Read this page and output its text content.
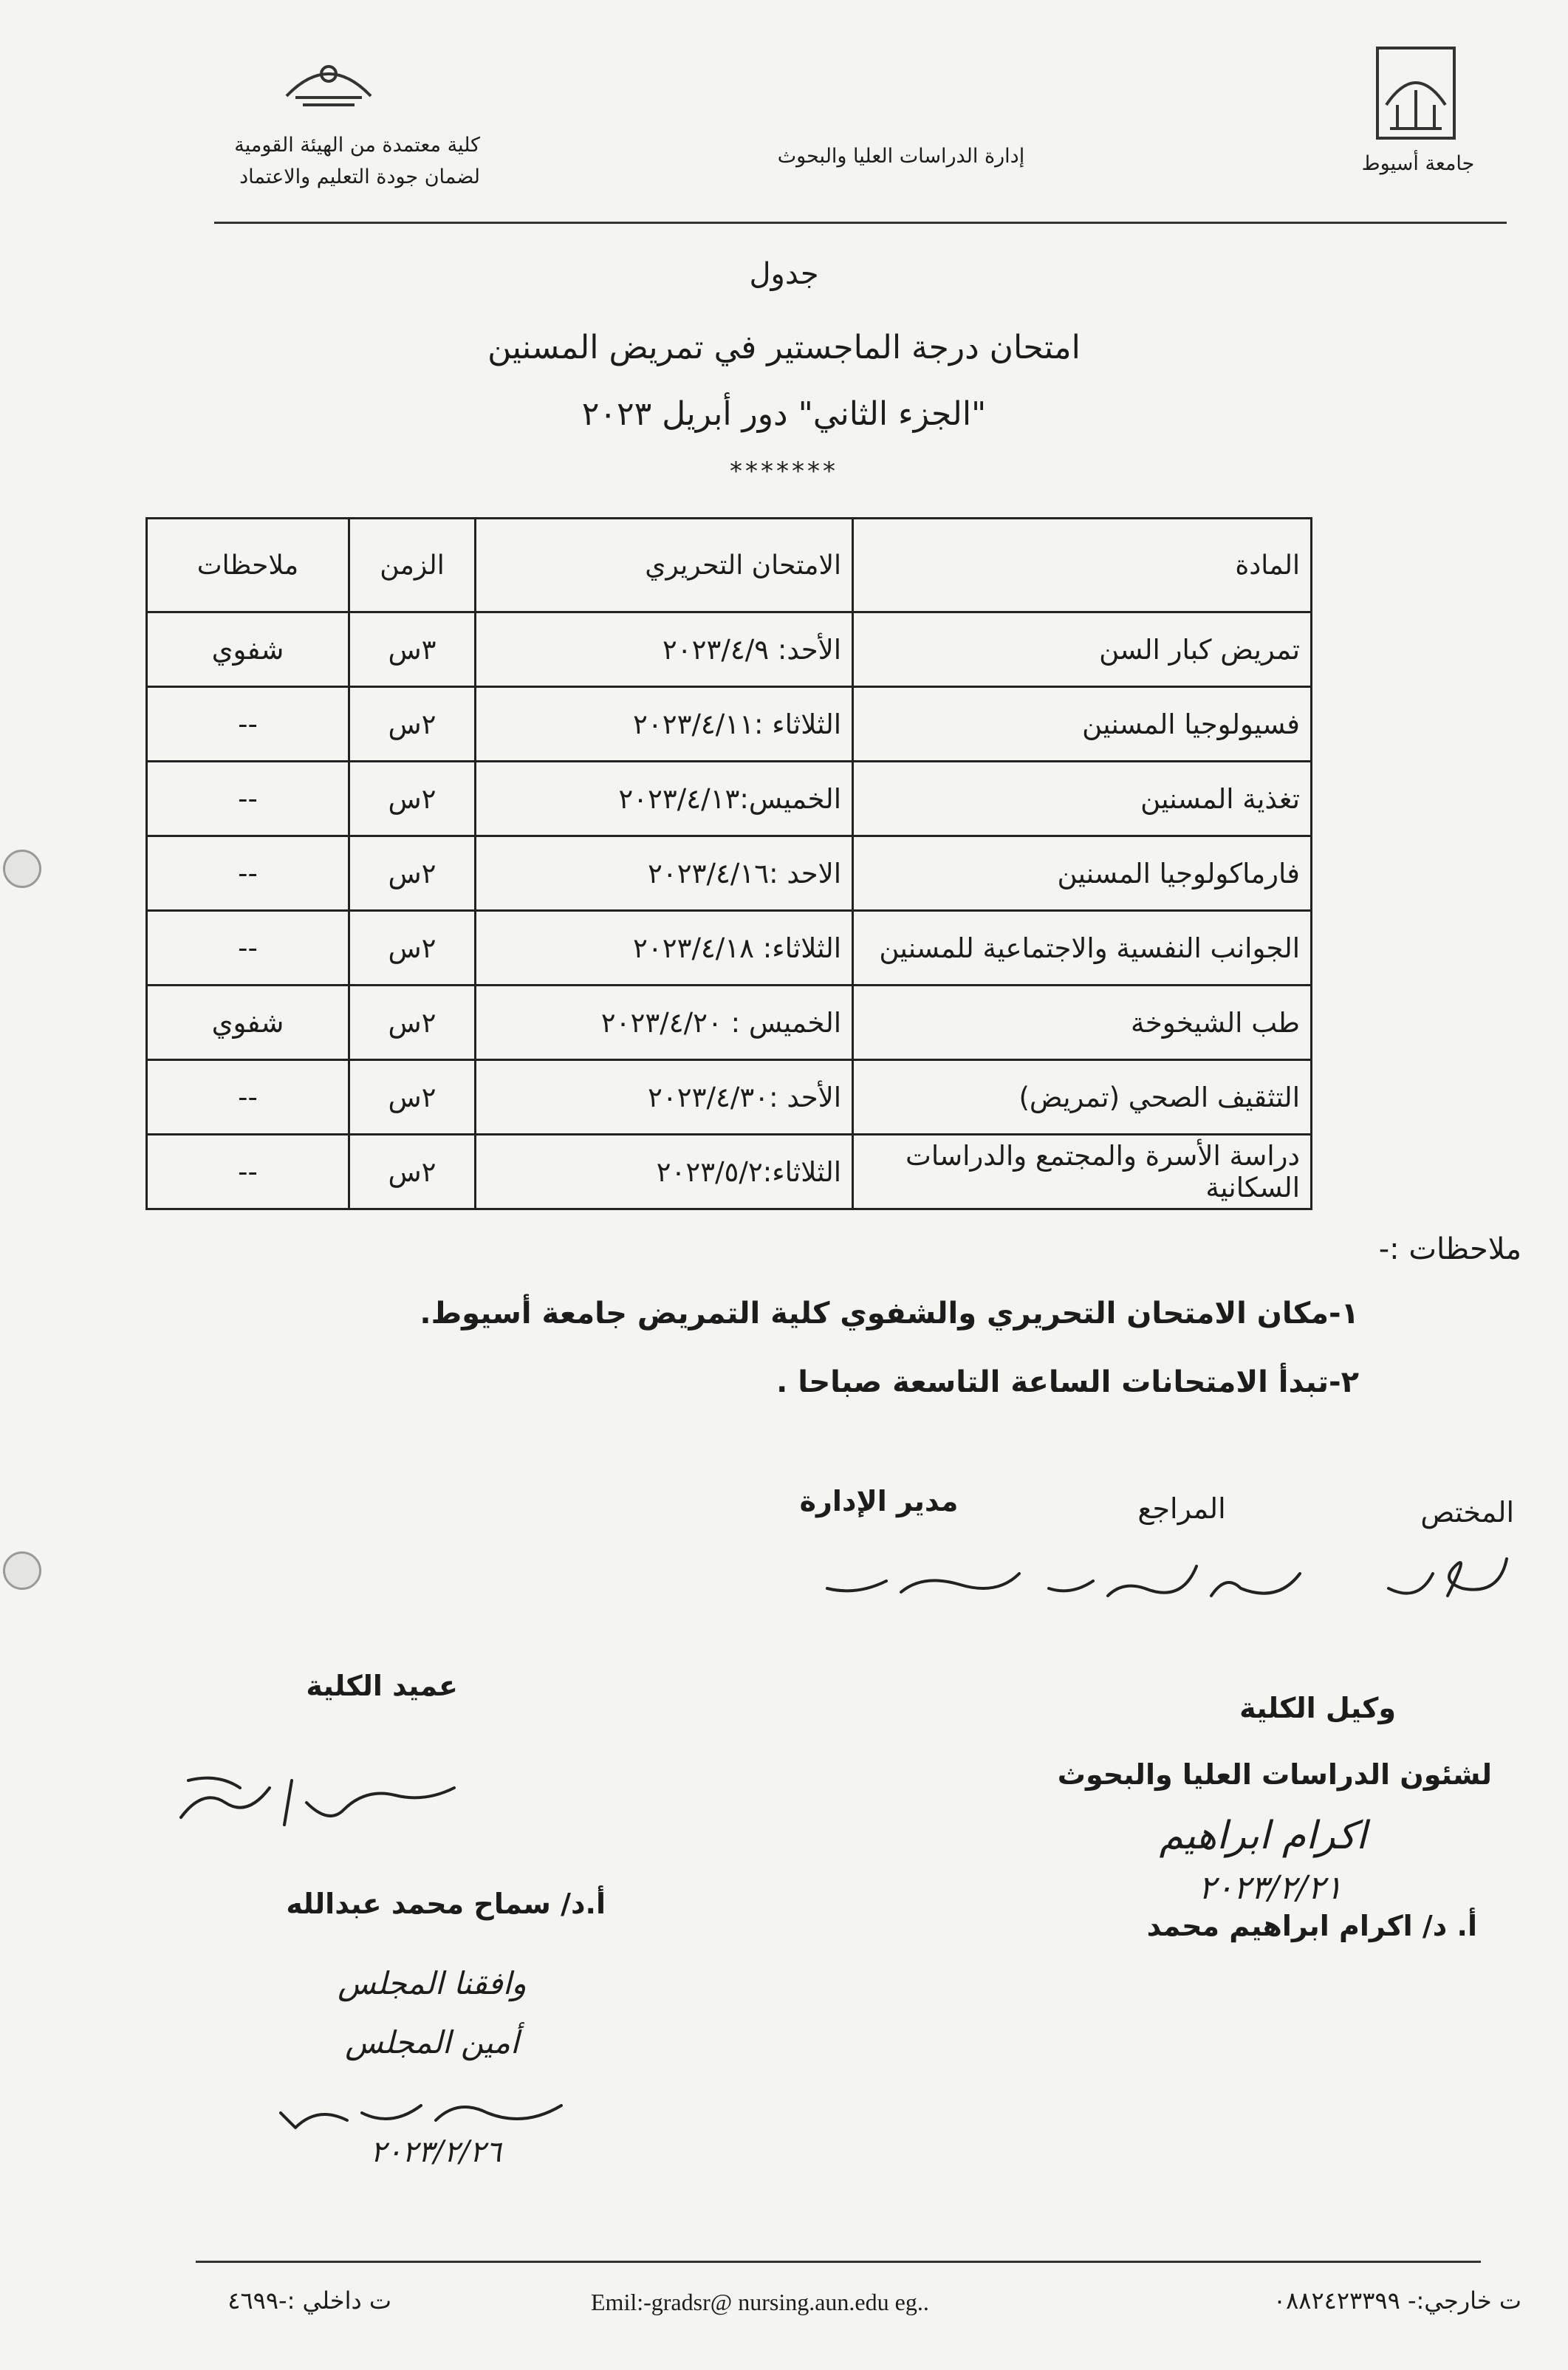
جامعة أسيوط
إدارة الدراسات العليا والبحوث
كلية معتمدة من الهيئة القومية
لضمان جودة التعليم والاعتماد
جدول
امتحان درجة الماجستير في تمريض المسنين
"الجزء الثاني" دور أبريل ٢٠٢٣
*******
المادة	الامتحان التحريري	الزمن	ملاحظات
تمريض كبار السن	الأحد: ٢٠٢٣/٤/٩	٣س	شفوي
فسيولوجيا المسنين	الثلاثاء :٢٠٢٣/٤/١١	٢س	--
تغذية المسنين	الخميس:٢٠٢٣/٤/١٣	٢س	--
فارماكولوجيا المسنين	الاحد :٢٠٢٣/٤/١٦	٢س	--
الجوانب النفسية والاجتماعية للمسنين	الثلاثاء: ٢٠٢٣/٤/١٨	٢س	--
طب الشيخوخة	الخميس : ٢٠٢٣/٤/٢٠	٢س	شفوي
التثقيف الصحي (تمريض)	الأحد :٢٠٢٣/٤/٣٠	٢س	--
دراسة الأسرة والمجتمع والدراسات السكانية	الثلاثاء:٢٠٢٣/٥/٢	٢س	--
ملاحظات :-
١-مكان الامتحان التحريري والشفوي كلية التمريض جامعة أسيوط.
٢-تبدأ الامتحانات الساعة التاسعة صباحا .
المختص
المراجع
مدير الإدارة
وكيل الكلية
لشئون الدراسات العليا والبحوث
اكرام ابراهيم
٢٠٢٣/٢/٢١
أ. د/ اكرام ابراهيم محمد
عميد الكلية
أ.د/ سماح محمد عبدالله
وافقنا المجلس
أمين المجلس
٢٠٢٣/٢/٢٦
ت داخلي :-٤٦٩٩	Emil:-gradsr@ nursing.aun.edu eg..	ت خارجي:- ٠٨٨٢٤٢٣٣٩٩
